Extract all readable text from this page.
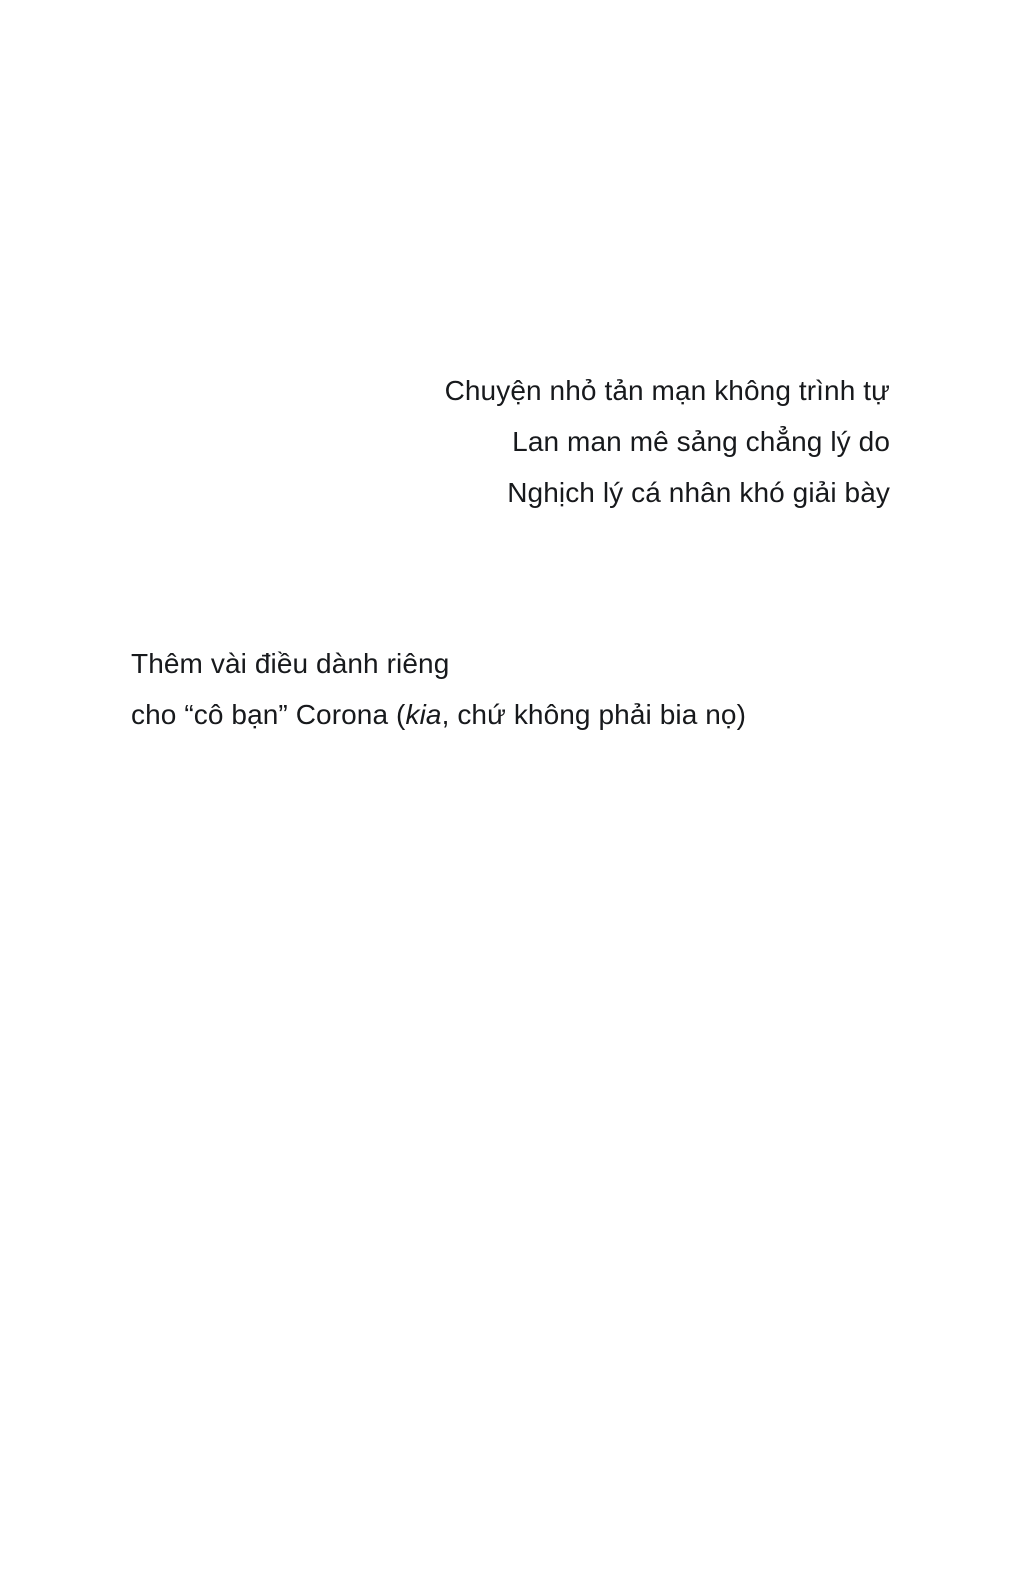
Chuyện nhỏ tản mạn không trình tự
Lan man mê sảng chẳng lý do
Nghịch lý cá nhân khó giải bày
Thêm vài điều dành riêng
cho “cô bạn” Corona (kia, chứ không phải bia nọ)
